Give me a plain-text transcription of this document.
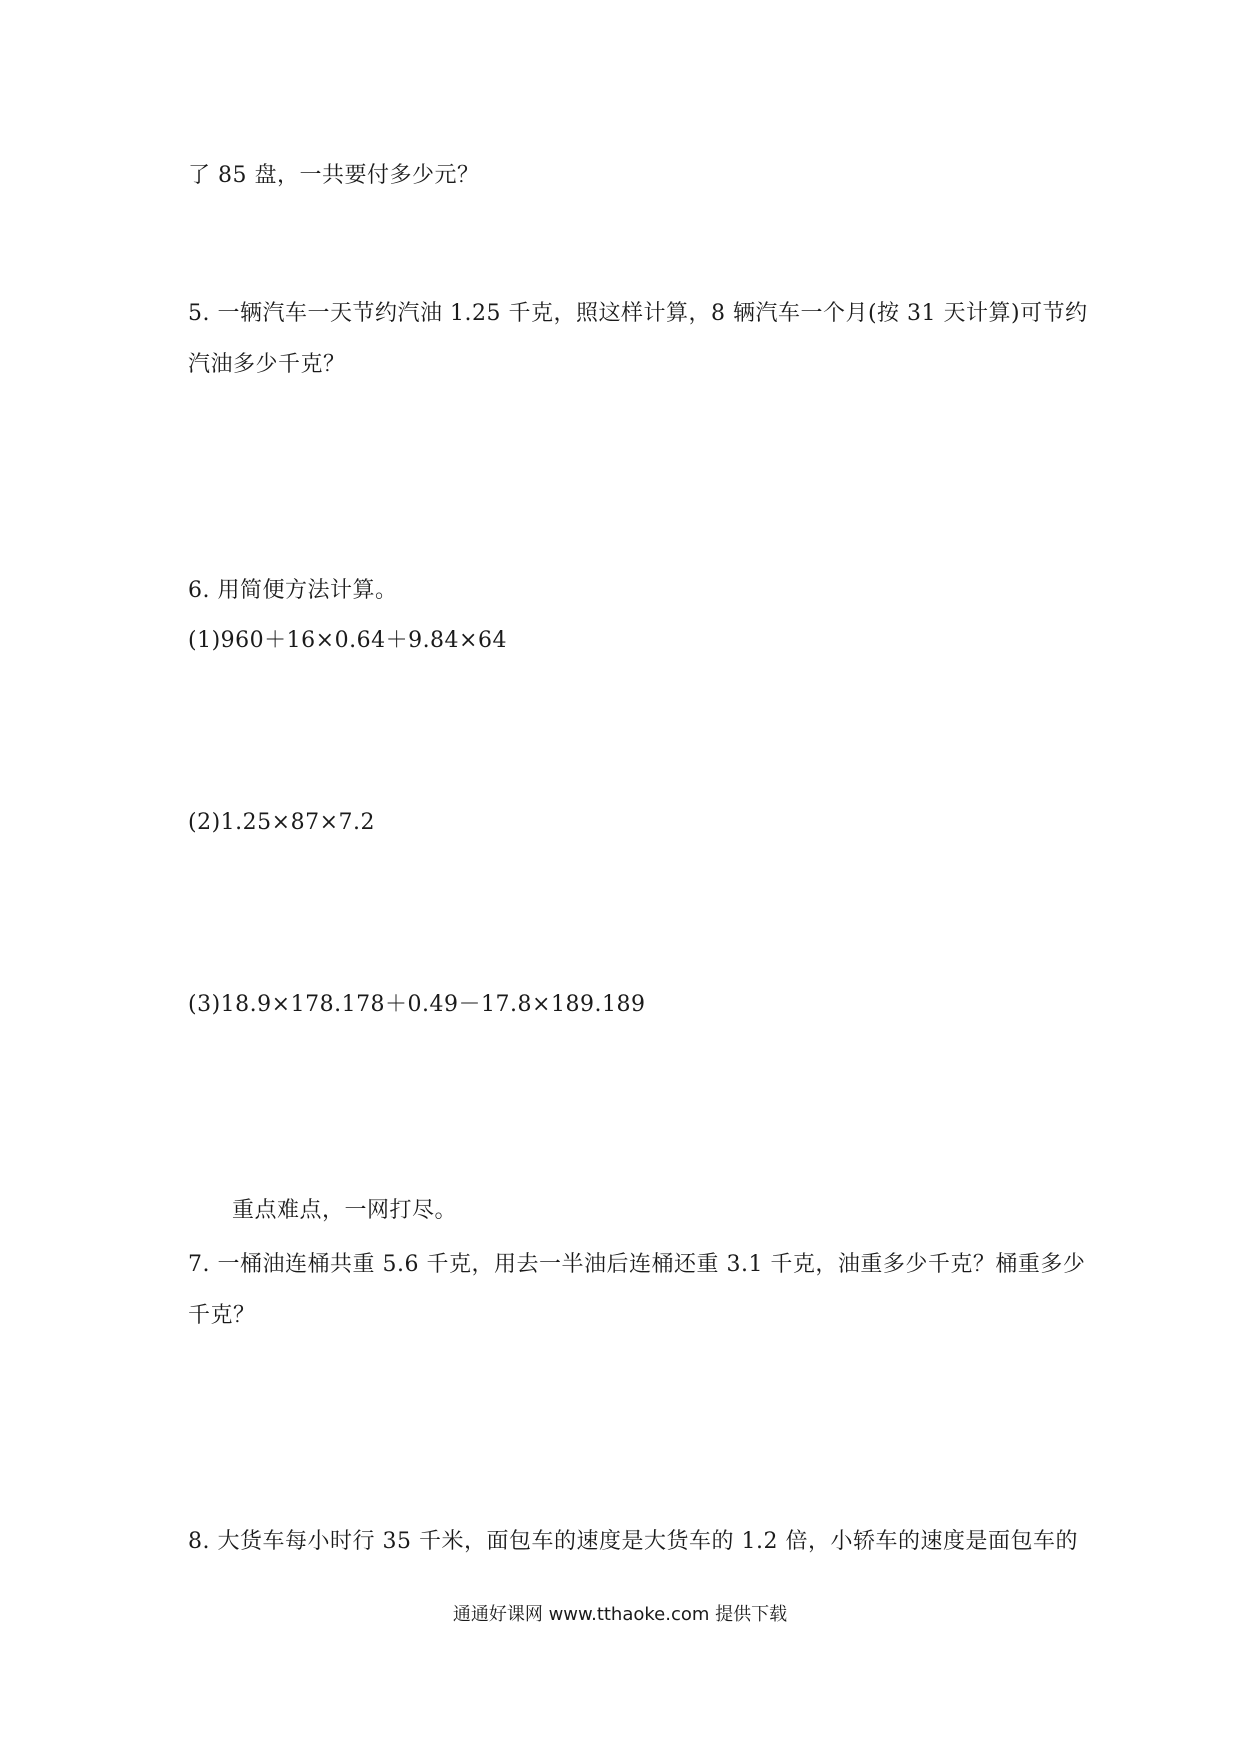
了 85 盘，一共要付多少元？
5. 一辆汽车一天节约汽油 1.25 千克，照这样计算，8 辆汽车一个月(按 31 天计算)可节约
汽油多少千克？
6. 用简便方法计算。
(1)960＋16×0.64＋9.84×64
(2)1.25×87×7.2
(3)18.9×178.178＋0.49－17.8×189.189
重点难点，一网打尽。
7. 一桶油连桶共重 5.6 千克，用去一半油后连桶还重 3.1 千克，油重多少千克？桶重多少
千克？
8. 大货车每小时行 35 千米，面包车的速度是大货车的 1.2 倍，小轿车的速度是面包车的
通通好课网 www.tthaoke.com 提供下载
